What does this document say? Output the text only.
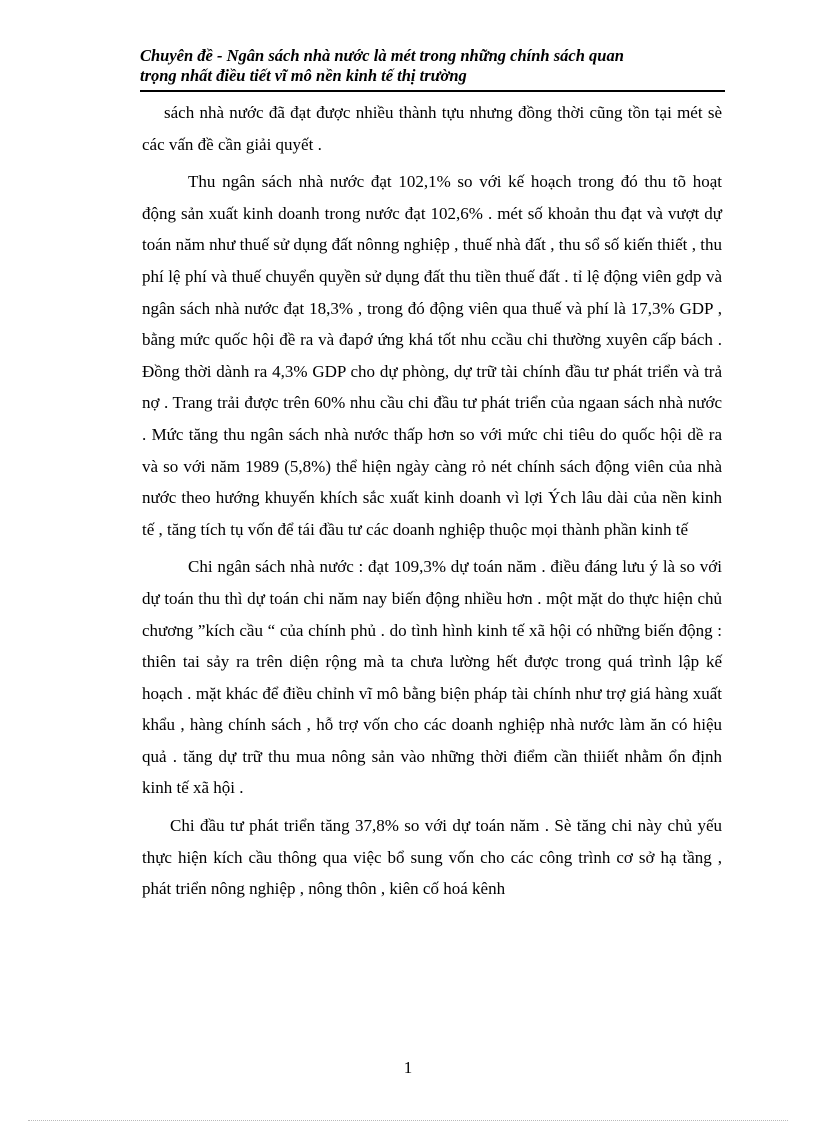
Chuyên đề - Ngân sách nhà nước là mét trong những chính sách quan
trọng nhất điều tiết vĩ mô nền kinh tế thị trường

sách nhà nước đã đạt được nhiều thành tựu nhưng đồng thời cũng tồn tại mét sè các vấn đề cần giải quyết .

Thu ngân sách nhà nước đạt 102,1% so với kế hoạch trong đó thu tõ hoạt động sản xuất kinh doanh trong nước đạt 102,6% . mét số khoản thu đạt và vượt dự toán năm như thuế sử dụng đất nônng nghiệp , thuế nhà đất , thu sổ số kiến thiết , thu phí lệ phí và thuế chuyển quyền sử dụng đất thu tiền thuế đất . tỉ lệ động viên gdp và ngân sách nhà nước đạt 18,3% , trong đó động viên qua thuế và phí là 17,3% GDP , bằng mức quốc hội đề ra và đapớ ứng khá tốt nhu ccầu chi thường xuyên cấp bách . Đồng thời dành ra 4,3% GDP cho dự phòng, dự trữ tài chính đầu tư phát triển và trả nợ . Trang trải được trên 60% nhu cầu chi đầu tư phát triển của ngaan sách nhà nước . Mức tăng thu ngân sách nhà nước thấp hơn so với mức chi tiêu do quốc hội dề ra và so với năm 1989 (5,8%) thể hiện ngày càng rỏ nét chính sách động viên của nhà nước theo hướng khuyến khích sắc xuất kinh doanh vì lợi Ých lâu dài của nền kinh tế , tăng tích tụ vốn để tái đầu tư các doanh nghiệp thuộc mọi thành phần kinh tế

Chi ngân sách nhà nước : đạt 109,3% dự toán năm . điều đáng lưu ý là so với dự toán thu thì dự toán chi năm nay biến động nhiều hơn . một mặt do thực hiện chủ chương ”kích cầu “ của chính phủ . do tình hình kinh tế xã hội có những biến động : thiên tai sảy ra trên diện rộng mà ta chưa lường hết được trong quá trình lập kế hoạch . mặt khác để điều chỉnh vĩ mô bằng biện pháp tài chính như trợ giá hàng xuất khẩu , hàng chính sách , hỗ trợ vốn cho các doanh nghiệp nhà nước làm ăn có hiệu quả . tăng dự trữ thu mua nông sản vào những thời điểm cần thiiết nhằm ổn định kinh tế xã hội .

Chi đầu tư phát triển tăng 37,8% so với dự toán năm . Sè tăng chi này chủ yếu thực hiện kích cầu thông qua việc bổ sung vốn cho các công trình cơ sở hạ tầng , phát triển nông nghiệp , nông thôn , kiên cố hoá kênh

1
